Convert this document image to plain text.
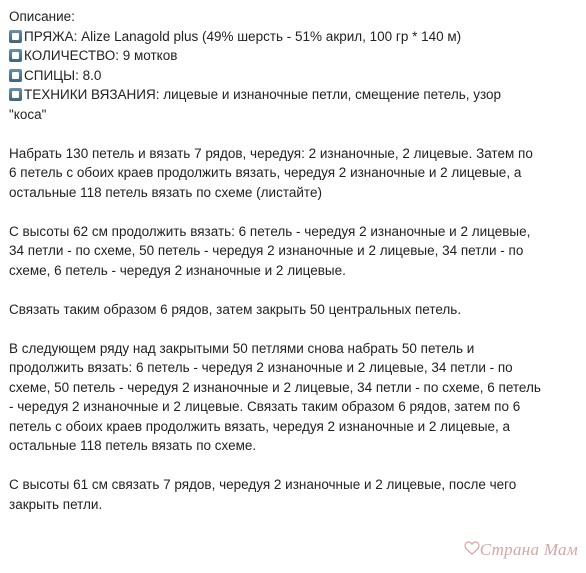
Описание:
ПРЯЖА: Alize Lanagold plus (49% шерсть - 51% акрил, 100 гр * 140 м)
КОЛИЧЕСТВО: 9 мотков
СПИЦЫ: 8.0
ТЕХНИКИ ВЯЗАНИЯ: лицевые и изнаночные петли, смещение петель, узор
"коса"
Набрать 130 петель и вязать 7 рядов, чередуя: 2 изнаночные, 2 лицевые. Затем по
6 петель с обоих краев продолжить вязать, чередуя 2 изнаночные и 2 лицевые, а
остальные 118 петель вязать по схеме (листайте)
С высоты 62 см продолжить вязать: 6 петель - чередуя 2 изнаночные и 2 лицевые,
34 петли - по схеме, 50 петель - чередуя 2 изнаночные и 2 лицевые, 34 петли - по
схеме, 6 петель - чередуя 2 изнаночные и 2 лицевые.
Связать таким образом 6 рядов, затем закрыть 50 центральных петель.
В следующем ряду над закрытыми 50 петлями снова набрать 50 петель и
продолжить вязать: 6 петель - чередуя 2 изнаночные и 2 лицевые, 34 петли - по
схеме, 50 петель - чередуя 2 изнаночные и 2 лицевые, 34 петли - по схеме, 6 петель
- чередуя 2 изнаночные и 2 лицевые. Связать таким образом 6 рядов, затем по 6
петель с обоих краев продолжить вязать, чередуя 2 изнаночные и 2 лицевые, а
остальные 118 петель вязать по схеме.
С высоты 61 см связать 7 рядов, чередуя 2 изнаночные и 2 лицевые, после чего
закрыть петли.
Страна Мам
